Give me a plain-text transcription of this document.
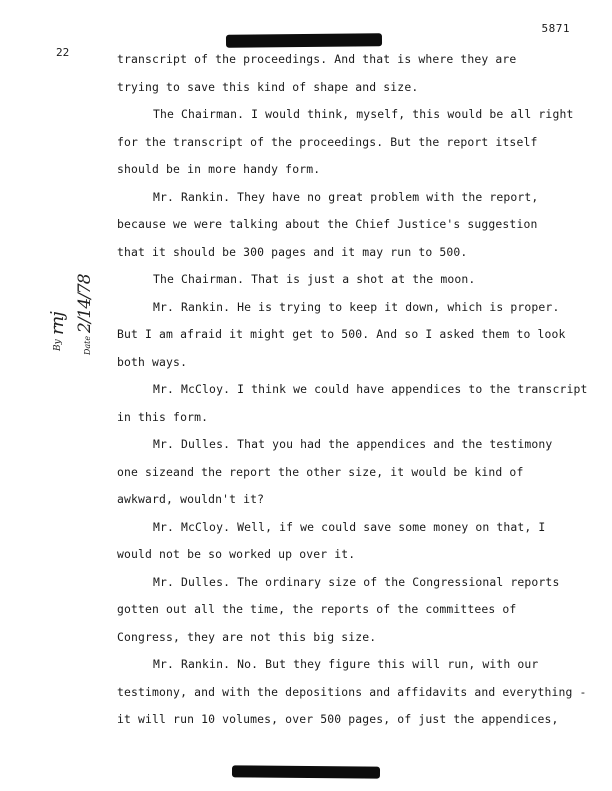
5871
22
By
rnj
Date
2/14/78
transcript of the proceedings. And that is where they are
trying to save this kind of shape and size.
The Chairman. I would think, myself, this would be all right
for the transcript of the proceedings. But the report itself
should be in more handy form.
Mr. Rankin. They have no great problem with the report,
because we were talking about the Chief Justice's suggestion
that it should be 300 pages and it may run to 500.
The Chairman. That is just a shot at the moon.
Mr. Rankin. He is trying to keep it down, which is proper.
But I am afraid it might get to 500. And so I asked them to look
both ways.
Mr. McCloy. I think we could have appendices to the transcript
in this form.
Mr. Dulles. That you had the appendices and the testimony
one sizeand the report the other size, it would be kind of
awkward, wouldn't it?
Mr. McCloy. Well, if we could save some money on that, I
would not be so worked up over it.
Mr. Dulles. The ordinary size of the Congressional reports
gotten out all the time, the reports of the committees of
Congress, they are not this big size.
Mr. Rankin. No. But they figure this will run, with our
testimony, and with the depositions and affidavits and everything -
it will run 10 volumes, over 500 pages, of just the appendices,
